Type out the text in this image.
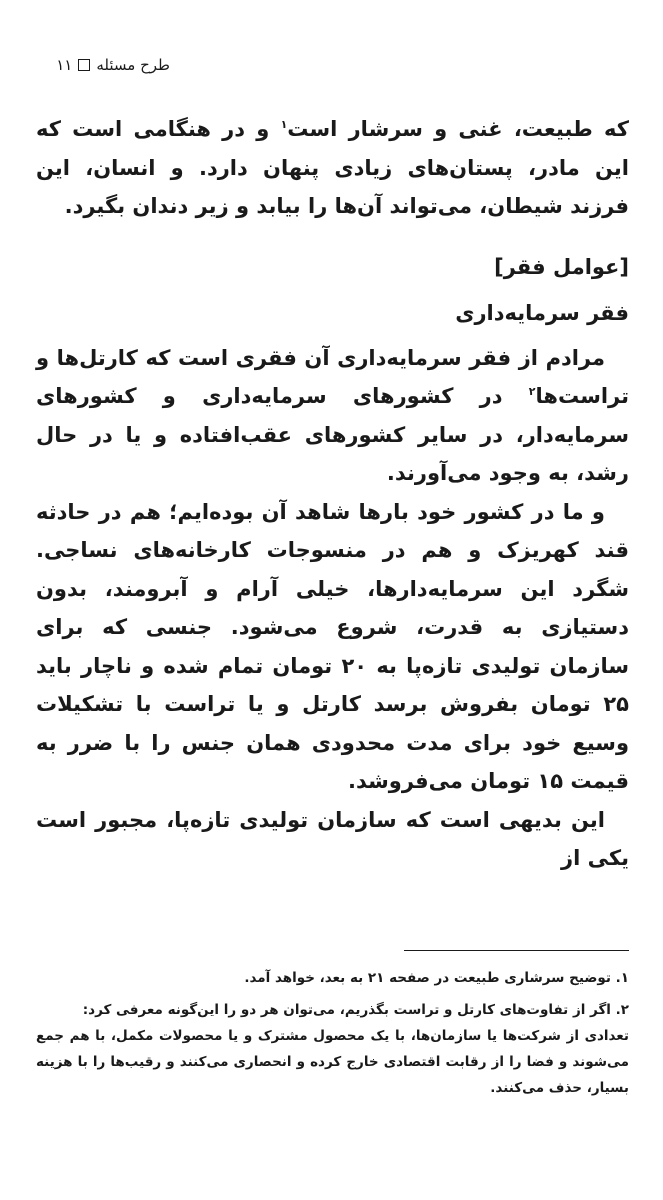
طرح مسئله
۱۱

که طبیعت، غنی و سرشار است$^۱$ و در هنگامی است که این مادر، پستان‌های زیادی پنهان دارد. و انسان، این فرزند شیطان، می‌تواند آن‌ها را بیابد و زیر دندان بگیرد.

[عوامل فقر]

فقر سرمایه‌داری

مرادم از فقر سرمایه‌داری آن فقری است که کارتل‌ها و تراست‌ها$^۲$ در کشورهای سرمایه‌داری و کشورهای سرمایه‌دار، در سایر کشورهای عقب‌افتاده و یا در حال رشد، به وجود می‌آورند.

و ما در کشور خود بارها شاهد آن بوده‌ایم؛ هم در حادثه قند کهریزک و هم در منسوجات کارخانه‌های نساجی. شگرد این سرمایه‌دارها، خیلی آرام و آبرومند، بدون دستیازی به قدرت، شروع می‌شود. جنسی که برای سازمان تولیدی تازه‌پا به ۲۰ تومان تمام شده و ناچار باید ۲۵ تومان بفروش برسد کارتل و یا تراست با تشکیلات وسیع خود برای مدت محدودی همان جنس را با ضرر به قیمت ۱۵ تومان می‌فروشد.

این بدیهی است که سازمان تولیدی تازه‌پا، مجبور است یکی از

۱. توضیح سرشاری طبیعت در صفحه ۲۱ به بعد، خواهد آمد.

۲. اگر از تفاوت‌های کارتل و تراست بگذریم، می‌توان هر دو را این‌گونه معرفی کرد:

تعدادی از شرکت‌ها یا سازمان‌ها، با یک محصول مشترک و یا محصولات مکمل، با هم جمع می‌شوند و فضا را از رقابت اقتصادی خارج کرده و انحصاری می‌کنند و رقیب‌ها را با هزینه بسیار، حذف می‌کنند.
